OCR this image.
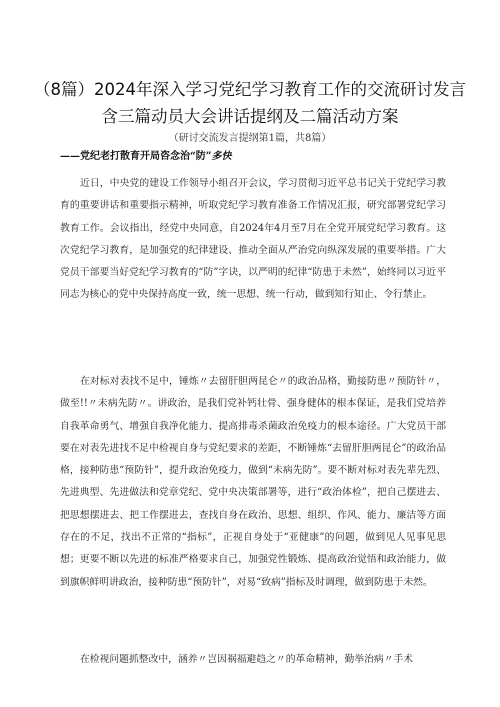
（8篇）2024年深入学习党纪学习教育工作的交流研讨发言
含三篇动员大会讲话提纲及二篇活动方案
（研讨交流发言提纲第1篇，共8篇）
——党纪老打散育开局咨念治“防”多快

近日，中央党的建设工作领导小组召开会议，学习贯彻习近平总书记关于党纪学习教育的重要讲话和重要指示精神，听取党纪学习教育准备工作情况汇报，研究部署党纪学习教育工作。会议指出，经党中央同意，自2024年4月至7月在全党开展党纪学习教育。这次党纪学习教育，是加强党的纪律建设、推动全面从严治党向纵深发展的重要举措。广大党员干部要当好党纪学习教育的“防”字诀，以严明的纪律“防患于未然”，始终同以习近平同志为核心的党中央保持高度一致，统一思想、统一行动，做到知行知止、令行禁止。

在对标对表找不足中，锤炼〃去留肝胆两昆仑〃的政治品格，勤接防患〃预防针〃，做至!!〃未病先防〃。讲政治，是我们党补钙壮骨、强身健体的根本保证，是我们党培养自我革命勇气、增强自我净化能力、提高排毒杀菌政治免疫力的根本途径。广大党员干部要在对表先进找不足中检视自身与党纪要求的差距，不断锤炼“去留肝胆两昆仑”的政治品格，接种防患“预防针”，提升政治免疫力，做到“未病先防”。要不断对标对表先辈先烈、先进典型、先进做法和党章党纪、党中央决策部署等，进行“政治体检”，把自己摆进去、把思想摆进去、把工作摆进去，查找自身在政治、思想、组织、作风、能力、廉洁等方面存在的不足，找出不正常的“指标”，正视自身处于“亚健康”的问题，做到见人见事见思想；更要不断以先进的标准严格要求自己，加强党性锻炼、提高政治觉悟和政治能力，做到旗帜鲜明讲政治，接种防患“预防针”，对易“致病”指标及时调理，做到防患于未然。

在检视问题抓整改中，涵养〃岂因祸福避趋之〃的革命精神，勤举治病〃手术
